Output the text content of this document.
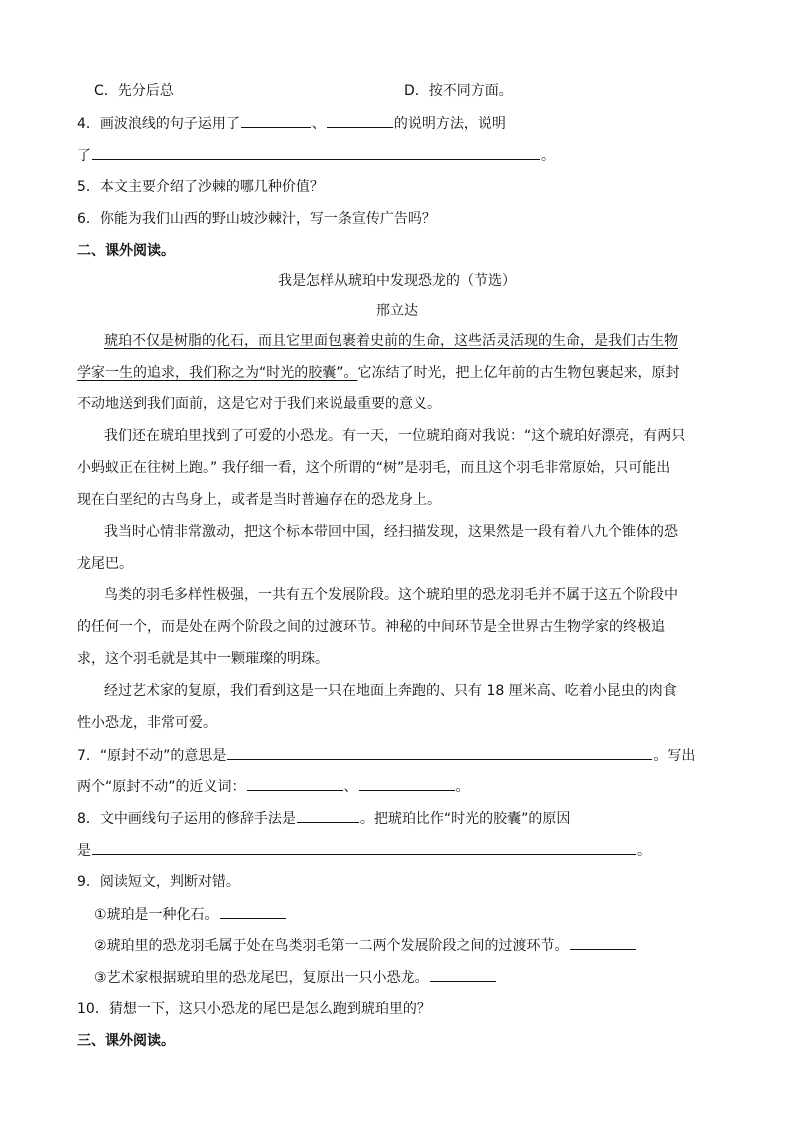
C．先分后总	D．按不同方面。
4．画波浪线的句子运用了	、	的说明方法，说明
了	。
5．本文主要介绍了沙棘的哪几种价值？
6．你能为我们山西的野山坡沙棘汁，写一条宣传广告吗？
二、课外阅读。
我是怎样从琥珀中发现恐龙的（节选）
邢立达
琥珀不仅是树脂的化石，而且它里面包裹着史前的生命，这些活灵活现的生命，是我们古生物
学家一生的追求，我们称之为“时光的胶囊”。它冻结了时光，把上亿年前的古生物包裹起来，原封
不动地送到我们面前，这是它对于我们来说最重要的意义。
我们还在琥珀里找到了可爱的小恐龙。有一天，一位琥珀商对我说：“这个琥珀好漂亮，有两只
小蚂蚁正在往树上跑。” 我仔细一看，这个所谓的“树”是羽毛，而且这个羽毛非常原始，只可能出
现在白垩纪的古鸟身上，或者是当时普遍存在的恐龙身上。
我当时心情非常激动，把这个标本带回中国，经扫描发现，这果然是一段有着八九个锥体的恐
龙尾巴。
鸟类的羽毛多样性极强，一共有五个发展阶段。这个琥珀里的恐龙羽毛并不属于这五个阶段中
的任何一个，而是处在两个阶段之间的过渡环节。神秘的中间环节是全世界古生物学家的终极追
求，这个羽毛就是其中一颗璀璨的明珠。
经过艺术家的复原，我们看到这是一只在地面上奔跑的、只有 18 厘米高、吃着小昆虫的肉食
性小恐龙，非常可爱。
7．“原封不动”的意思是	。写出
两个“原封不动”的近义词：	、	。
8．文中画线句子运用的修辞手法是	。把琥珀比作“时光的胶囊”的原因
是	。
9．阅读短文，判断对错。
①琥珀是一种化石。
②琥珀里的恐龙羽毛属于处在鸟类羽毛第一二两个发展阶段之间的过渡环节。
③艺术家根据琥珀里的恐龙尾巴，复原出一只小恐龙。
10．猜想一下，这只小恐龙的尾巴是怎么跑到琥珀里的？
三、课外阅读。
